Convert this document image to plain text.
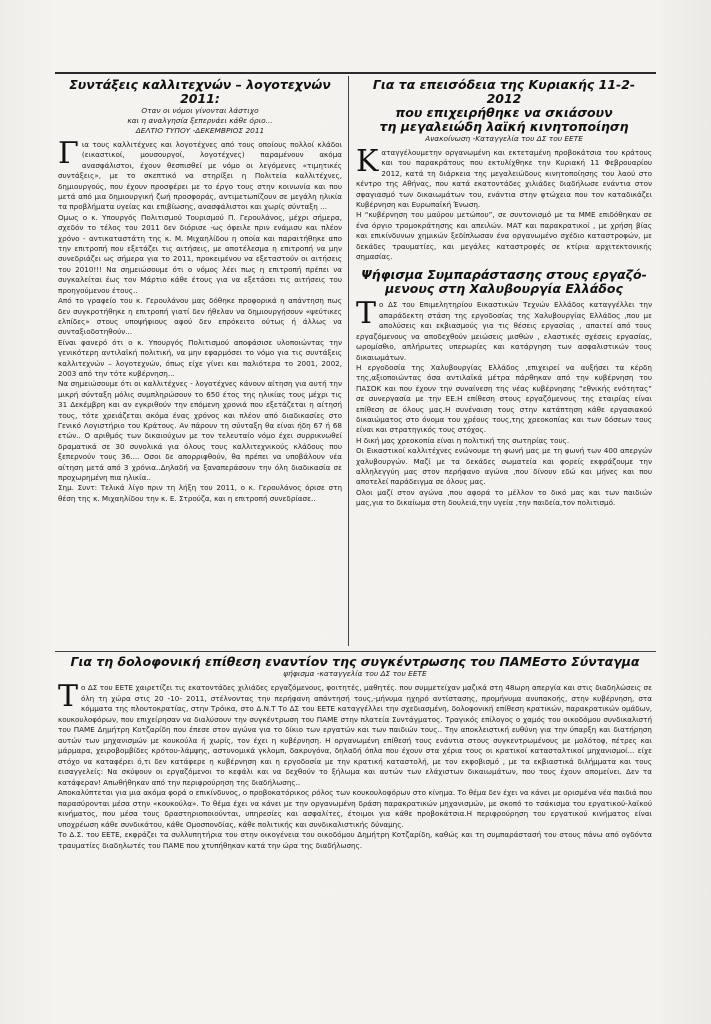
Συντάξεις καλλιτεχνών – λογοτεχνών 2011:
Οταν οι νόμοι γίνονται λάστιχο
και η αναλγησία ξεπερνάει κάθε όριο...
ΔΕΛΤΙΟ ΤΥΠΟΥ -ΔΕΚΕΜΒΡΙΟΣ 2011

Για τους καλλιτέχνες και λογοτέχνες από τους οποίους πολλοί κλάδοι (εικαστικοί, μουσουργοί, λογοτέχνες) παραμένουν ακόμα ανασφάλιστοι, έχουν θεσπισθεί με νόμο οι λεγόμενες «τιμητικές συντάξεις», με το σκεπτικό να στηρίξει η Πολιτεία καλλιτέχνες, δημιουργούς, που έχουν προσφέρει με το έργο τους στην κοινωνία και που μετά από μια δημιουργική ζωή προσφοράς, αντιμετωπίζουν σε μεγάλη ηλικία τα προβλήματα υγείας και επιβίωσης, ανασφάλιστοι και χωρίς σύνταξη ...

Ομως ο κ. Υπουργός Πολιτισμού Τουρισμού Π. Γερουλάνος, μέχρι σήμερα, σχεδόν το τέλος του 2011 δεν διόρισε -ως όφειλε πριν ενάμισυ και πλέον χρόνο - αντικαταστάτη της κ. Μ. Μιχαηλίδου η οποία και παραιτήθηκε απο την επιτροπή που εξετάζει τις αιτήσεις, με αποτέλεσμα η επιτροπή να μην συνεδριάζει ως σήμερα για το 2011, προκειμένου να εξεταστούν οι αιτήσεις του 2010!!! Να σημειώσουμε ότι ο νόμος λέει πως η επιτροπή πρέπει να συγκαλείται έως τον Μάρτιο κάθε έτους για να εξετάσει τις αιτήσεις του προηγούμενου έτους..

Από το γραφείο του κ. Γερουλάνου μας δόθηκε προφορικά η απάντηση πως δεν συγκροτήθηκε η επιτροπή γιατί δεν ήθελαν να δημιουργήσουν «ψεύτικες ελπίδες» στους υποψήφιους αφού δεν επρόκειτο ούτως ή άλλως να συνταξιοδοτηθούν...

Είναι φανερό ότι ο κ. Υπουργός Πολιτισμού αποφάσισε υλοποιώντας την γενικότερη αντιλαϊκή πολιτική, να μην εφαρμόσει το νόμο για τις συντάξεις καλλιτεχνών – λογοτεχνών, όπως είχε γίνει και παλιότερα το 2001, 2002, 2003 από την τότε κυβέρνηση...

Να σημειώσουμε ότι οι καλλιτέχνες - λογοτέχνες κάνουν αίτηση για αυτή την μικρή σύνταξη μόλις συμπληρώσουν το 650 έτος της ηλικίας τους μέχρι τις 31 Δεκέμβρη και αν εγκριθούν την επόμενη χρονιά που εξετάζεται η αίτησή τους, τότε χρειάζεται ακόμα ένας χρόνος και πλέον από διαδικασίες στο Γενικό Λογιστήριο του Κράτους. Αν πάρουν τη σύνταξη θα είναι ήδη 67 ή 68 ετών.. Ο αριθμός των δικαιούχων με τον τελευταίο νόμο έχει συρρικνωθεί δραματικά σε 30 συνολικά για όλους τους καλλιτεχνικούς κλάδους που ξεπερνούν τους 36.... Οσοι δε απορριφθούν, θα πρέπει να υποβάλουν νέα αίτηση μετά από 3 χρόνια..Δηλαδή να ξαναπεράσουν την όλη διαδικασία σε προχωρημένη πια ηλικία..

Σημ. Συντ: Τελικά λίγο πριν τη λήξη του 2011, ο κ. Γερουλάνος όρισε στη θέση της κ. Μιχαηλίδου την κ. Ε. Στρούζα, και η επιτροπή συνεδρίασε..

Για τα επεισόδεια της Κυριακής 11-2-2012
που επιχειρήθηκε να σκιάσουν
τη μεγαλειώδη λαϊκή κινητοποίηση
Ανακοίνωση -Καταγγελία του ΔΣ του ΕΕΤΕ

Καταγγέλουμετην οργανωμένη και εκτεταμένη προβοκάτσια του κράτους και του παρακράτους που εκτυλίχθηκε την Κυριακή 11 Φεβρουαρίου 2012, κατά τη διάρκεια της μεγαλειώδους κινητοποίησης του λαού στο κέντρο της Αθήνας, που κατά εκατοντάδες χιλιάδες διαδήλωσε ενάντια στον σφαγιασμό των δικαιωμάτων του, ενάντια στην φτώχεια που τον καταδικάζει Κυβέρνηση και Ευρωπαϊκή Ένωση.

Η “κυβέρνηση του μαύρου μετώπου”, σε συντονισμό με τα ΜΜΕ επιδόθηκαν σε ένα όργιο τρομοκράτησης και απειλών. ΜΑΤ και παρακρατικοί , με χρήση βίας και επικίνδυνων χημικών ξεδίπλωσαν ένα οργανωμένο σχέδιο καταστροφών, με δεκάδες τραυματίες, και μεγάλες καταστροφές σε κτίρια αρχιτεκτονικής σημασίας.

Ψήφισμα Συμπαράστασης στους εργαζό-
μενους στη Χαλυβουργία Ελλάδος

Το ΔΣ του Επιμελητηρίου Εικαστικών Τεχνών Ελλάδος καταγγέλλει την απαράδεκτη στάση της εργοδοσίας της Χαλυβουργίας Ελλάδος ,που με απολύσεις και εκβιασμούς για τις θέσεις εργασίας , απαιτεί από τους εργαζόμενους να αποδεχθούν μειώσεις μισθών , ελαστικές σχέσεις εργασίας, ωρομίσθιο, απλήρωτες υπερωρίες και κατάργηση των ασφαλιστικών τους δικαιωμάτων.

Η εργοδοσία της Χαλυβουργίας Ελλάδος ,επιχειρεί να αυξήσει τα κέρδη της,αξιοποιώντας όσα αντιλαϊκά μέτρα πάρθηκαν από την κυβέρνηση του ΠΑΣΟΚ και που έχουν την συναίνεση της νέας κυβέρνησης “εθνικής ενότητας” σε συνεργασία με την ΕΕ.Η επίθεση στους εργαζόμενους της εταιρίας είναι επίθεση σε όλους μας.Η συνέναιση τους στην κατάπτηση κάθε εργασιακού δικαιώματος στο όνομα του χρέους τους,της χρεοκοπίας και των δόσεων τους είναι και στρατηγικός τους στόχος.

Η δική μας χρεοκοπία είναι η πολιτική της σωτηρίας τους.

Οι Εικαστικοί καλλιτέχνες ενώνουμε τη φωνή μας με τη φωνή των 400 απεργών χαλυβουργών. Μαζί με τα δεκάδες σωματεία και φορείς εκφράζουμε την αλληλεγγύη μας στον περήφανο αγώνα ,που δίνουν εδώ και μήνες και που αποτελεί παράδειγμα σε όλους μας.

Ολοι μαζί στον αγώνα ,που αφορά το μέλλον το δικό μας και των παιδιών μας,για το δικαίωμα στη δουλειά,την υγεία ,την παιδεία,τον πολιτισμό.

Για τη δολοφονική επίθεση εναντίον της συγκέντρωσης του ΠΑΜΕστο Σύνταγμα
ψήφισμα -καταγγελία του ΔΣ του ΕΕΤΕ

Το ΔΣ του ΕΕΤΕ χαιρετίζει τις εκατοντάδες χιλιάδες εργαζόμενους, φοιτητές, μαθητές. που συμμετείχαν μαζικά στη 48ωρη απεργία και στις διαδηλώσεις σε όλη τη χώρα στις 20 -10- 2011, στέλνοντας την περήφανη απάντησή τους,-μήνυμα ηχηρό αντίστασης, προμήνυμα ανυπακοής, στην κυβέρνηση, στα κόμματα της πλουτοκρατίας, στην Τρόικα, στο Δ.Ν.Τ Το ΔΣ του ΕΕΤΕ καταγγέλλει την σχεδιασμένη, δολοφονική επίθεση κρατικών, παρακρατικών ομάδων, κουκουλοφόρων, που επιχείρησαν να διαλύσουν την συγκέντρωση του ΠΑΜΕ στην πλατεία Συντάγματος. Τραγικός επίλογος ο χαμός του οικοδόμου συνδικαλιστή του ΠΑΜΕ Δημήτρη Κοτζαρίδη που έπεσε στον αγώνα για το δίκιο των εργατών και των παιδιών τους.. Την αποκλειστική ευθύνη για την ύπαρξη και διατήρηση αυτών των μηχανισμών με κουκούλα ή χωρίς, τον έχει η κυβέρνηση. Η οργανωμένη επίθεσή τους ενάντια στους συγκεντρωμένους με μολότοφ, πέτρες και μάρμαρα, χειροβομβίδες κρότου-λάμψης, αστυνομικά γκλομπ, δακρυγόνα, δηλαδή όπλα που έχουν στα χέρια τους οι κρατικοί κατασταλτικοί μηχανισμοί... είχε στόχο να καταφέρει ό,τι δεν κατάφερε η κυβέρνηση και η εργοδοσία με την κρατική καταστολή, με τον εκφοβισμό , με τα εκβιαστικά διλήμματα και τους εισαγγελείς: Να σκύψουν οι εργαζόμενοι το κεφάλι και να δεχθούν το ξήλωμα και αυτών των ελάχιστων δικαιωμάτων, που τους έχουν απομείνει. Δεν τα κατάφεραν! Απωθήθηκαν από την περιφρούρηση της διαδήλωσης..

Αποκαλύπτεται για μια ακόμα φορά ο επικίνδυνος, ο προβοκατόρικος ρόλος των κουκουλοφόρων στο κίνημα. Το θέμα δεν έχει να κάνει με ορισμένα νέα παιδιά που παρασύρονται μέσα στην «κουκούλα». Το θέμα έχει να κάνει με την οργανωμένη δράση παρακρατικών μηχανισμών, με σκοπό το τσάκισμα του εργατικού-λαϊκού κινήματος, που μέσα τους δραστηριοποιούνται, υπηρεσίες και ασφαλίτες, έτοιμοι για κάθε προβοκάτσια.Η περιφρούρηση του εργατικού κινήματος είναι υποχρέωση κάθε συνδικάτου, κάθε Ομοσπονδίας, κάθε πολιτικής και συνδικαλιστικής δύναμης.

Το Δ.Σ. του ΕΕΤΕ, εκφράζει τα συλλυπητήρια του στην οικογένεια του οικοδόμου Δημήτρη Κοτζαρίδη, καθώς και τη συμπαράστασή του στους πάνω από ογδόντα τραυματίες διαδηλωτές του ΠΑΜΕ που χτυπήθηκαν κατά την ώρα της διαδήλωσης.
